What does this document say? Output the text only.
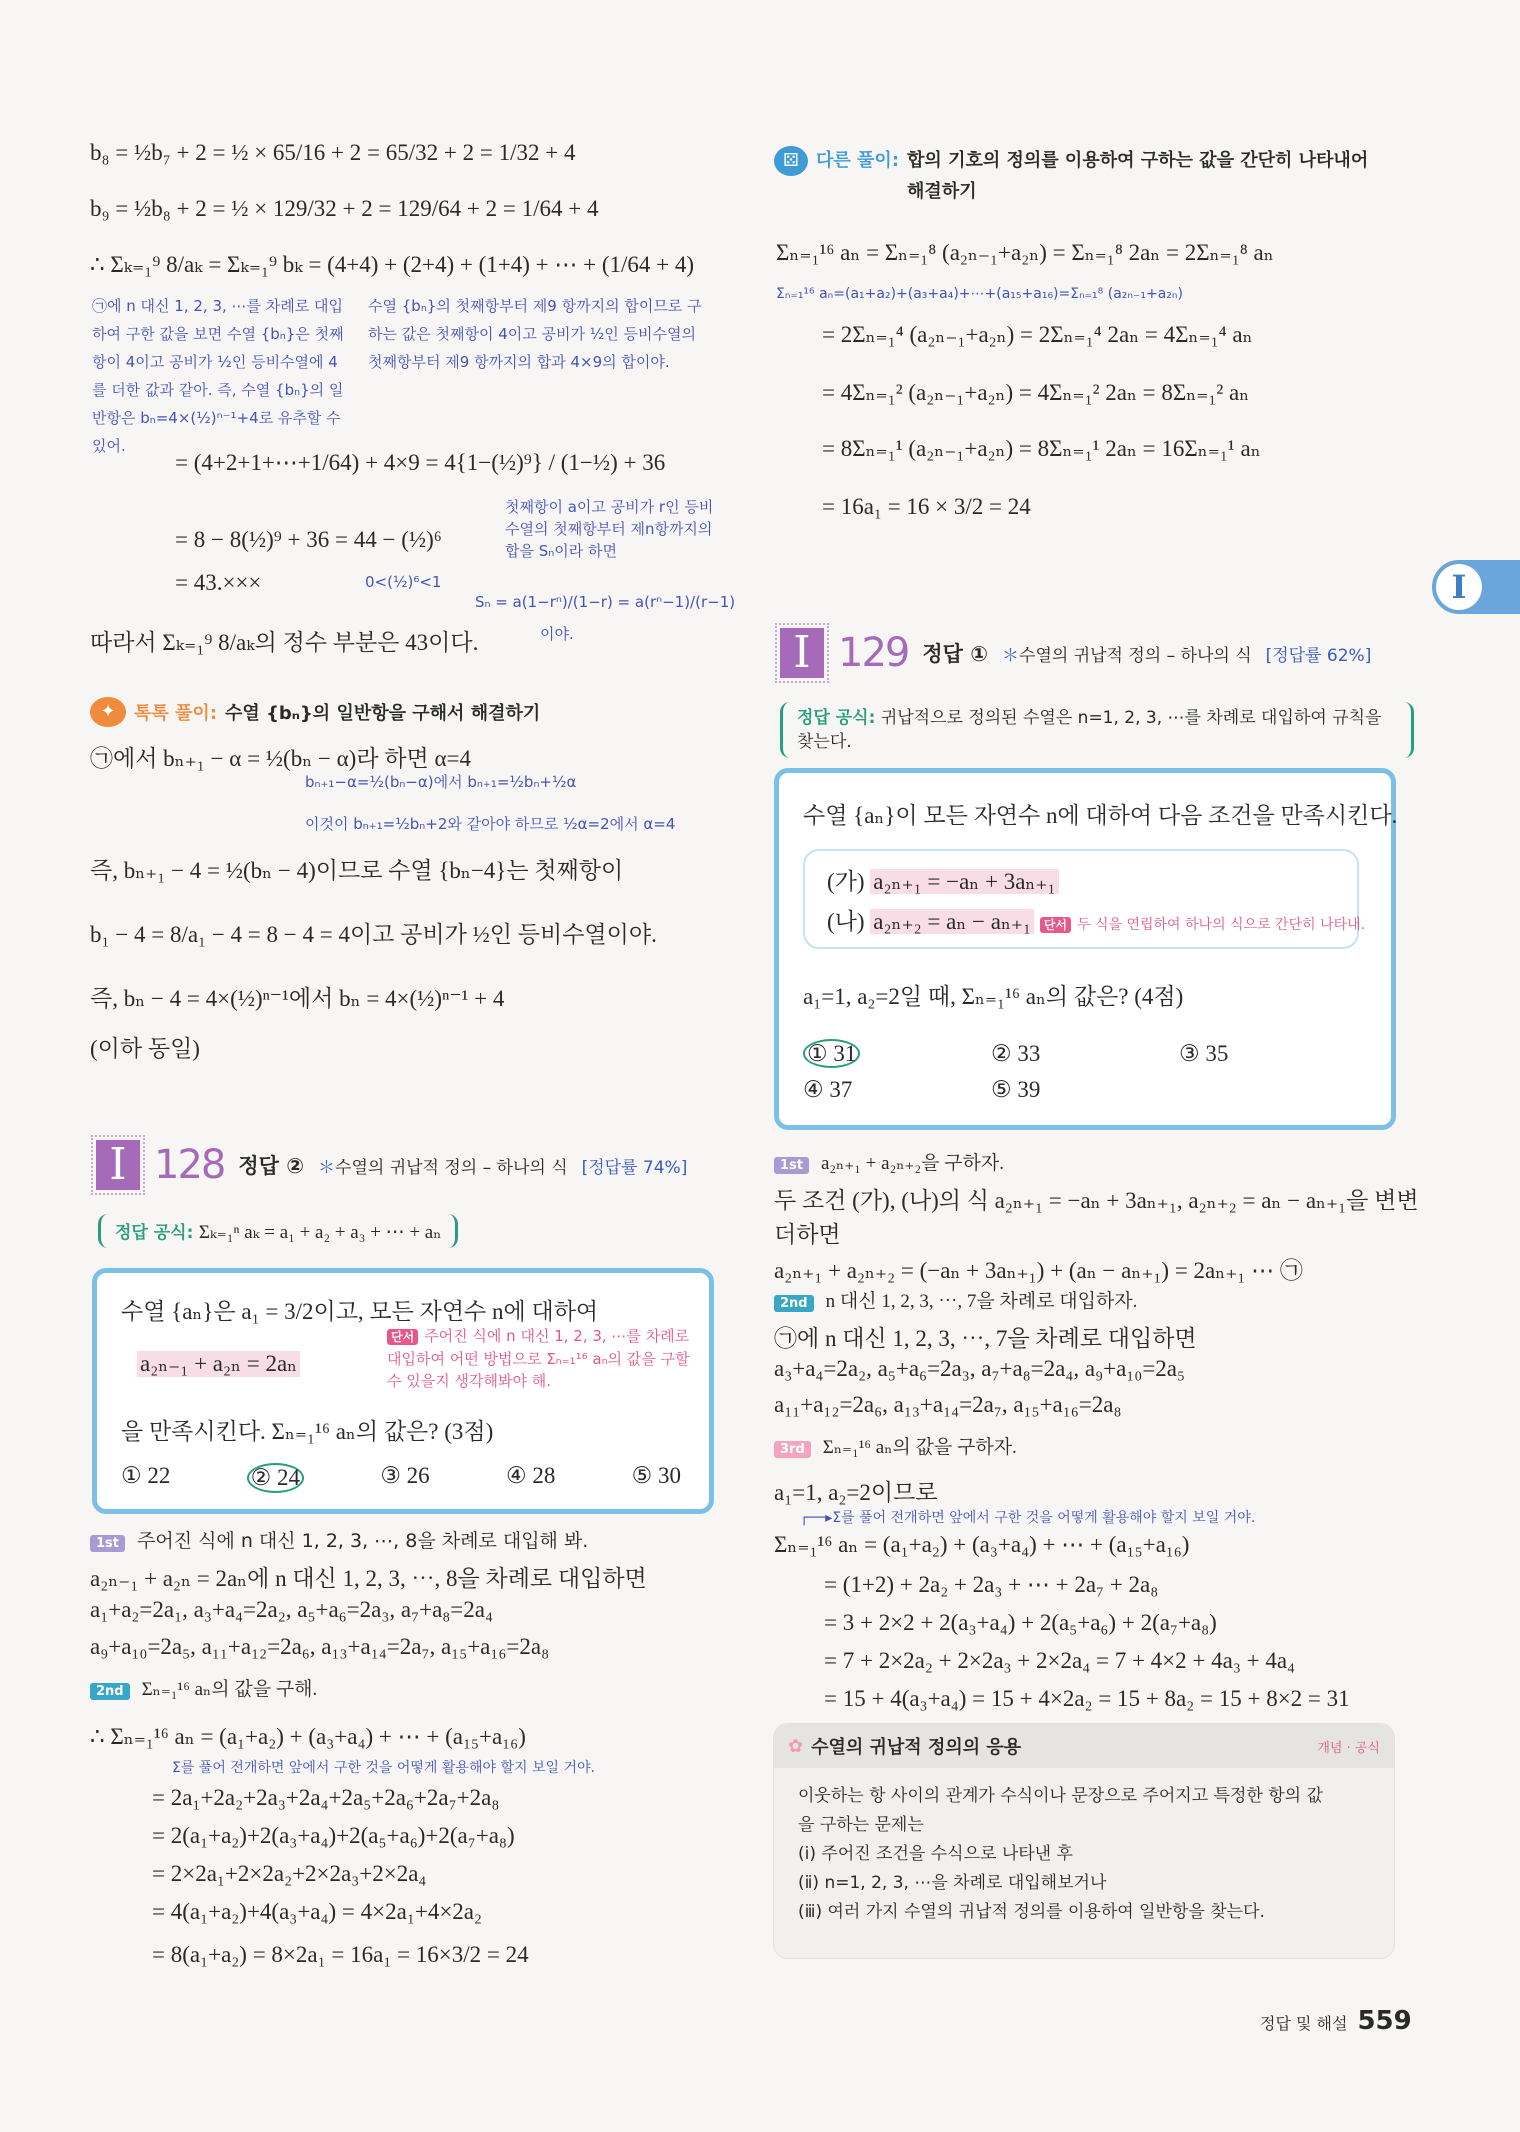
b₈ = ½b₇ + 2 = ½ × 65/16 + 2 = 65/32 + 2 = 1/32 + 4
b₉ = ½b₈ + 2 = ½ × 129/32 + 2 = 129/64 + 2 = 1/64 + 4
∴ Σₖ₌₁⁹ 8/aₖ = Σₖ₌₁⁹ bₖ = (4+4) + (2+4) + (1+4) + ⋯ + (1/64 + 4)
㉠에 n 대신 1, 2, 3, ⋯를 차례로 대입하여 구한 값을 보면 수열 {bₙ}은 첫째항이 4이고 공비가 ½인 등비수열에 4를 더한 값과 같아. 즉, 수열 {bₙ}의 일반항은 bₙ=4×(½)ⁿ⁻¹+4로 유추할 수 있어.
수열 {bₙ}의 첫째항부터 제9 항까지의 합이므로 구하는 값은 첫째항이 4이고 공비가 ½인 등비수열의 첫째항부터 제9 항까지의 합과 4×9의 합이야.
= (4+2+1+⋯+1/64) + 4×9 = 4{1−(½)⁹} / (1−½) + 36
= 8 − 8(½)⁹ + 36 = 44 − (½)⁶
= 43.×××	0<(½)⁶<1
첫째항이 a이고 공비가 r인 등비수열의 첫째항부터 제n항까지의 합을 Sₙ이라 하면
Sₙ = a(1−rⁿ)/(1−r) = a(rⁿ−1)/(r−1)
이야.
따라서 Σₖ₌₁⁹ 8/aₖ의 정수 부분은 43이다.
✦	톡톡 풀이: 수열 {bₙ}의 일반항을 구해서 해결하기
㉠에서 bₙ₊₁ − α = ½(bₙ − α)라 하면 α=4
bₙ₊₁−α=½(bₙ−α)에서 bₙ₊₁=½bₙ+½α
이것이 bₙ₊₁=½bₙ+2와 같아야 하므로 ½α=2에서 α=4
즉, bₙ₊₁ − 4 = ½(bₙ − 4)이므로 수열 {bₙ−4}는 첫째항이
b₁ − 4 = 8/a₁ − 4 = 8 − 4 = 4이고 공비가 ½인 등비수열이야.
즉, bₙ − 4 = 4×(½)ⁿ⁻¹에서 bₙ = 4×(½)ⁿ⁻¹ + 4
(이하 동일)
I 128 정답 ② ＊수열의 귀납적 정의 – 하나의 식 [정답률 74%]
정답 공식: Σₖ₌₁ⁿ aₖ = a₁ + a₂ + a₃ + ⋯ + aₙ
수열 {aₙ}은 a₁ = 3/2이고, 모든 자연수 n에 대하여
a₂ₙ₋₁ + a₂ₙ = 2aₙ
단서 주어진 식에 n 대신 1, 2, 3, ⋯를 차례로 대입하여 어떤 방법으로 Σₙ₌₁¹⁶ aₙ의 값을 구할 수 있을지 생각해봐야 해.
을 만족시킨다. Σₙ₌₁¹⁶ aₙ의 값은? (3점)
① 22	② 24	③ 26	④ 28	⑤ 30
1st 주어진 식에 n 대신 1, 2, 3, ⋯, 8을 차례로 대입해 봐.
a₂ₙ₋₁ + a₂ₙ = 2aₙ에 n 대신 1, 2, 3, ⋯, 8을 차례로 대입하면
a₁+a₂=2a₁, a₃+a₄=2a₂, a₅+a₆=2a₃, a₇+a₈=2a₄
a₉+a₁₀=2a₅, a₁₁+a₁₂=2a₆, a₁₃+a₁₄=2a₇, a₁₅+a₁₆=2a₈
2nd Σₙ₌₁¹⁶ aₙ의 값을 구해.
∴ Σₙ₌₁¹⁶ aₙ = (a₁+a₂) + (a₃+a₄) + ⋯ + (a₁₅+a₁₆)
Σ를 풀어 전개하면 앞에서 구한 것을 어떻게 활용해야 할지 보일 거야.
= 2a₁+2a₂+2a₃+2a₄+2a₅+2a₆+2a₇+2a₈
= 2(a₁+a₂)+2(a₃+a₄)+2(a₅+a₆)+2(a₇+a₈)
= 2×2a₁+2×2a₂+2×2a₃+2×2a₄
= 4(a₁+a₂)+4(a₃+a₄) = 4×2a₁+4×2a₂
= 8(a₁+a₂) = 8×2a₁ = 16a₁ = 16×3/2 = 24
⚄ 다른 풀이: 합의 기호의 정의를 이용하여 구하는 값을 간단히 나타내어
해결하기
Σₙ₌₁¹⁶ aₙ = Σₙ₌₁⁸ (a₂ₙ₋₁+a₂ₙ) = Σₙ₌₁⁸ 2aₙ = 2Σₙ₌₁⁸ aₙ
Σₙ₌₁¹⁶ aₙ=(a₁+a₂)+(a₃+a₄)+⋯+(a₁₅+a₁₆)=Σₙ₌₁⁸ (a₂ₙ₋₁+a₂ₙ)
= 2Σₙ₌₁⁴ (a₂ₙ₋₁+a₂ₙ) = 2Σₙ₌₁⁴ 2aₙ = 4Σₙ₌₁⁴ aₙ
= 4Σₙ₌₁² (a₂ₙ₋₁+a₂ₙ) = 4Σₙ₌₁² 2aₙ = 8Σₙ₌₁² aₙ
= 8Σₙ₌₁¹ (a₂ₙ₋₁+a₂ₙ) = 8Σₙ₌₁¹ 2aₙ = 16Σₙ₌₁¹ aₙ
= 16a₁ = 16 × 3/2 = 24
I
I 129 정답 ① ＊수열의 귀납적 정의 – 하나의 식 [정답률 62%]
정답 공식: 귀납적으로 정의된 수열은 n=1, 2, 3, ⋯를 차례로 대입하여 규칙을 찾는다.
수열 {aₙ}이 모든 자연수 n에 대하여 다음 조건을 만족시킨다.
(가) a₂ₙ₊₁ = −aₙ + 3aₙ₊₁
(나) a₂ₙ₊₂ = aₙ − aₙ₊₁ 단서 두 식을 연립하여 하나의 식으로 간단히 나타내.
a₁=1, a₂=2일 때, Σₙ₌₁¹⁶ aₙ의 값은? (4점)
① 31	② 33	③ 35
④ 37	⑤ 39
1st a₂ₙ₊₁ + a₂ₙ₊₂을 구하자.
두 조건 (가), (나)의 식 a₂ₙ₊₁ = −aₙ + 3aₙ₊₁, a₂ₙ₊₂ = aₙ − aₙ₊₁을 변변
더하면
a₂ₙ₊₁ + a₂ₙ₊₂ = (−aₙ + 3aₙ₊₁) + (aₙ − aₙ₊₁) = 2aₙ₊₁ ⋯ ㉠
2nd n 대신 1, 2, 3, ⋯, 7을 차례로 대입하자.
㉠에 n 대신 1, 2, 3, ⋯, 7을 차례로 대입하면
a₃+a₄=2a₂, a₅+a₆=2a₃, a₇+a₈=2a₄, a₉+a₁₀=2a₅
a₁₁+a₁₂=2a₆, a₁₃+a₁₄=2a₇, a₁₅+a₁₆=2a₈
3rd Σₙ₌₁¹⁶ aₙ의 값을 구하자.
a₁=1, a₂=2이므로
┌──▸Σ를 풀어 전개하면 앞에서 구한 것을 어떻게 활용해야 할지 보일 거야.
Σₙ₌₁¹⁶ aₙ = (a₁+a₂) + (a₃+a₄) + ⋯ + (a₁₅+a₁₆)
= (1+2) + 2a₂ + 2a₃ + ⋯ + 2a₇ + 2a₈
= 3 + 2×2 + 2(a₃+a₄) + 2(a₅+a₆) + 2(a₇+a₈)
= 7 + 2×2a₂ + 2×2a₃ + 2×2a₄ = 7 + 4×2 + 4a₃ + 4a₄
= 15 + 4(a₃+a₄) = 15 + 4×2a₂ = 15 + 8a₂ = 15 + 8×2 = 31
✿ 수열의 귀납적 정의의 응용	개념 · 공식
이웃하는 항 사이의 관계가 수식이나 문장으로 주어지고 특정한 항의 값
을 구하는 문제는
(ⅰ) 주어진 조건을 수식으로 나타낸 후
(ⅱ) n=1, 2, 3, ⋯을 차례로 대입해보거나
(ⅲ) 여러 가지 수열의 귀납적 정의를 이용하여 일반항을 찾는다.
정답 및 해설 559
